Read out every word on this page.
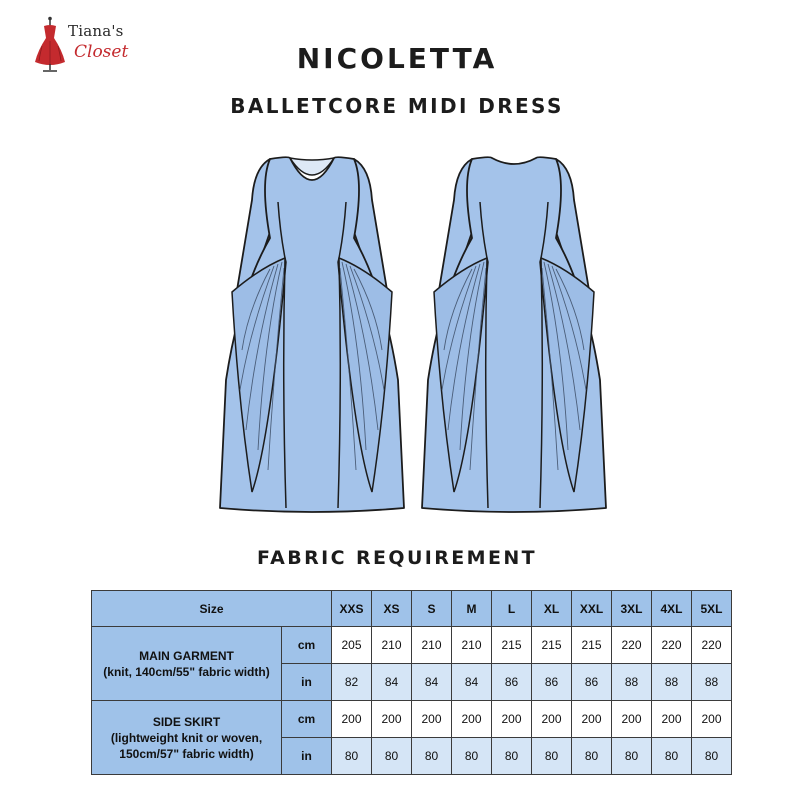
Tiana's
Closet	NICOLETTA
BALLETCORE MIDI DRESS
FABRIC REQUIREMENT
Size		XXS	XS	S	M	L	XL	XXL	3XL	4XL	5XL

MAIN GARMENT
(knit, 140cm/55" fabric width)	cm	205	210	210	210	215	215	215	220	220	220
	in	82	84	84	84	86	86	86	88	88	88

SIDE SKIRT
(lightweight knit or woven,
150cm/57" fabric width)	cm	200	200	200	200	200	200	200	200	200	200
	in	80	80	80	80	80	80	80	80	80	80
